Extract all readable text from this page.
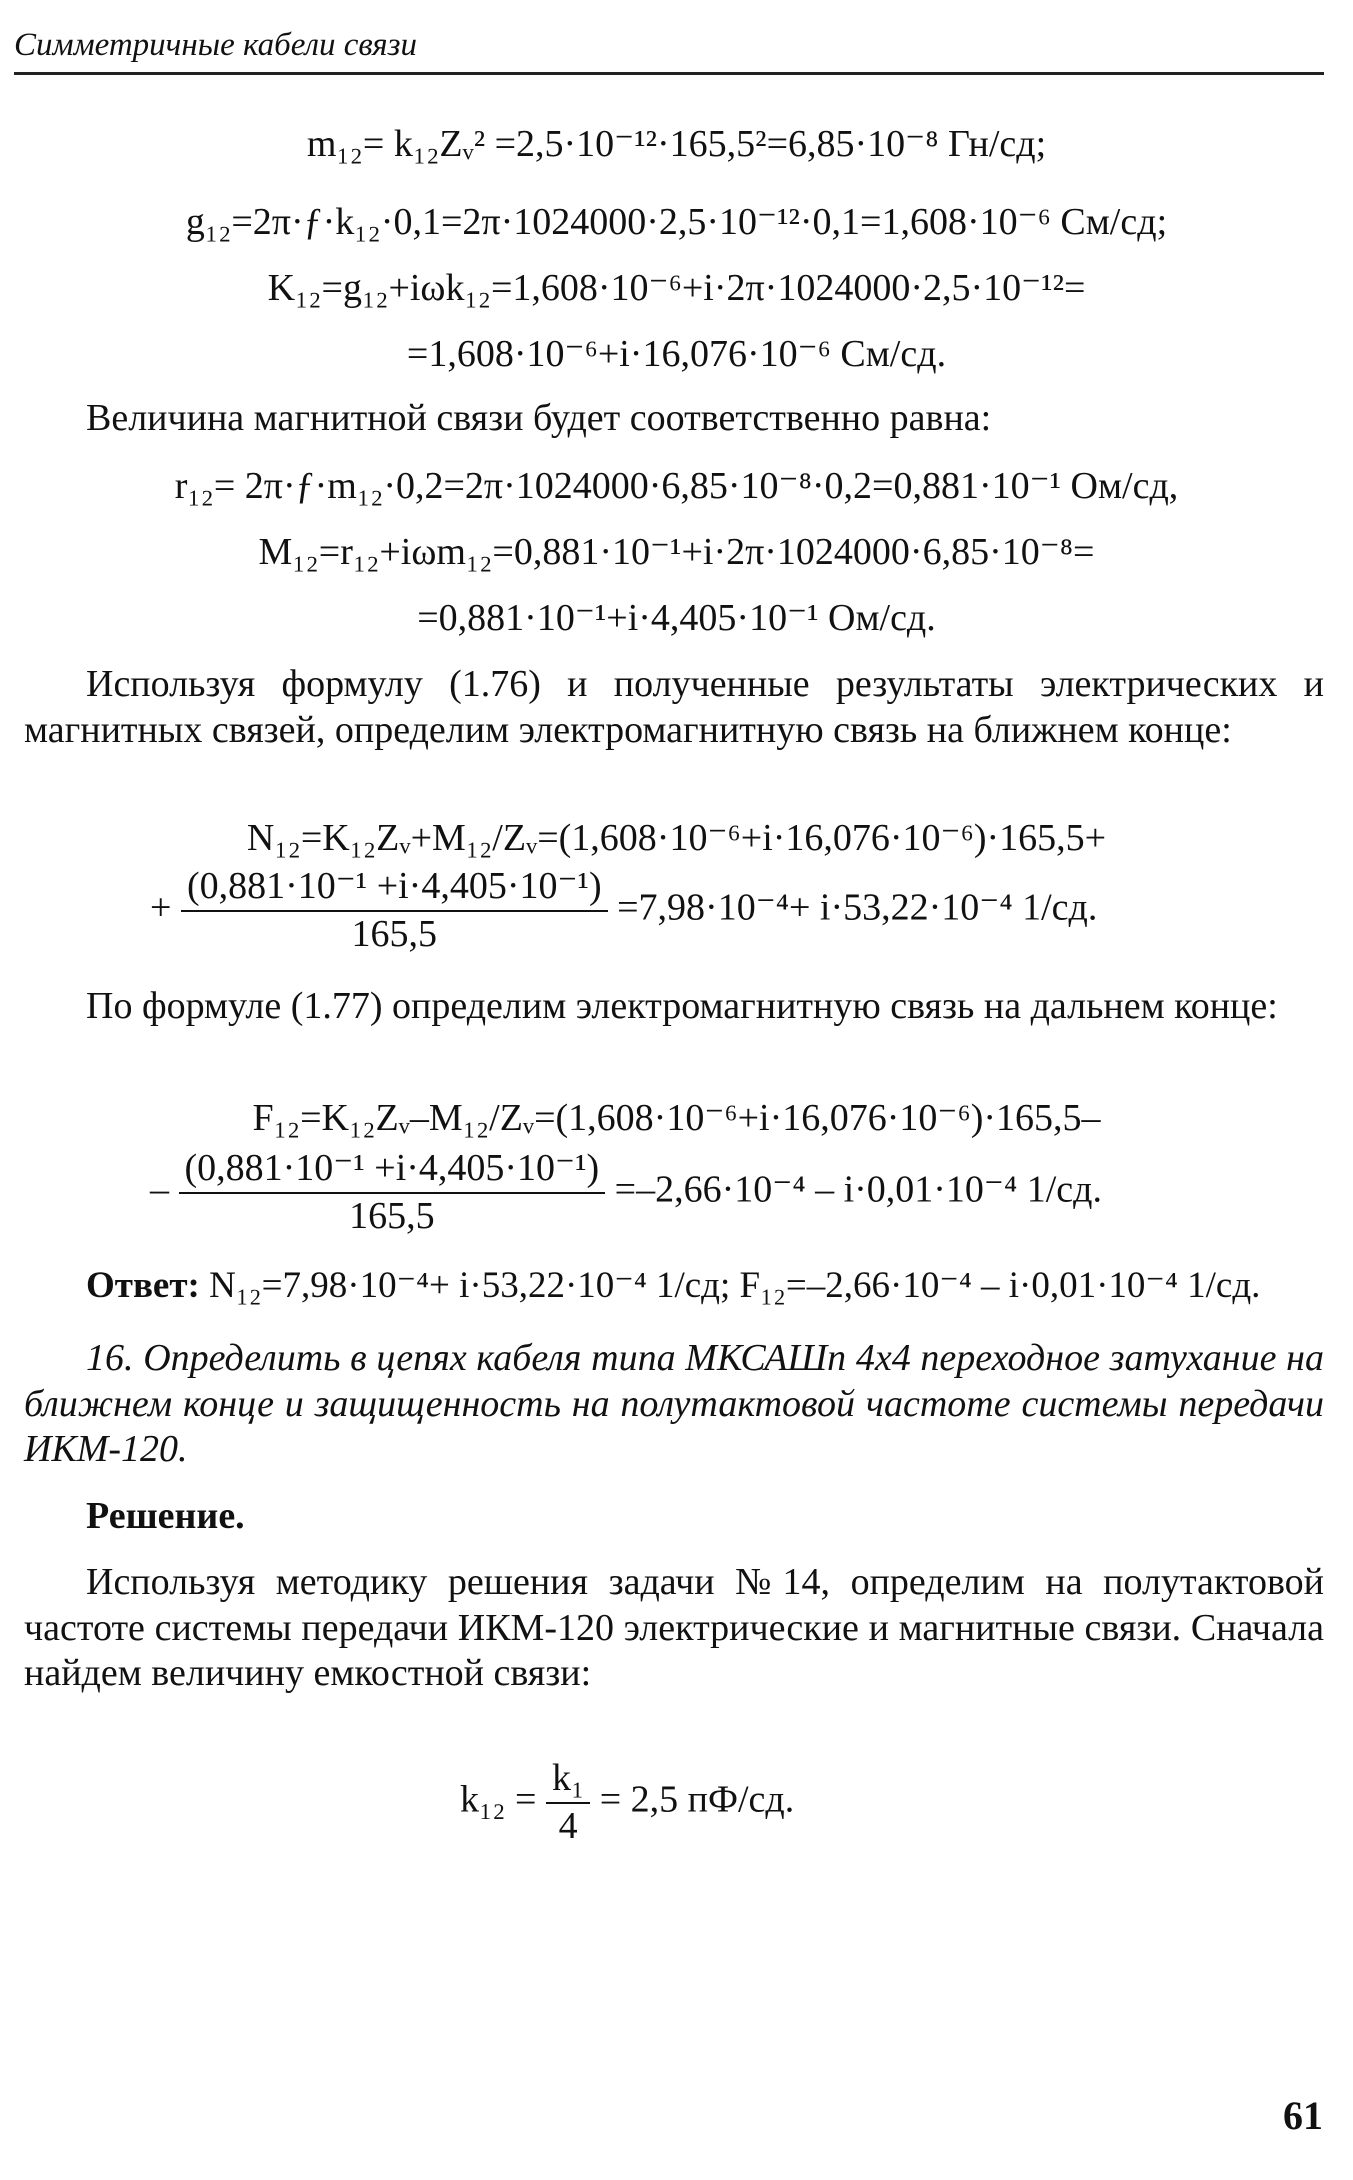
Симметричные кабели связи
m₁₂= k₁₂Zᵥ² =2,5·10⁻¹²·165,5²=6,85·10⁻⁸ Гн/сд;
g₁₂=2π·ƒ·k₁₂·0,1=2π·1024000·2,5·10⁻¹²·0,1=1,608·10⁻⁶ См/сд;
K₁₂=g₁₂+iωk₁₂=1,608·10⁻⁶+i·2π·1024000·2,5·10⁻¹²=
=1,608·10⁻⁶+i·16,076·10⁻⁶ См/сд.
Величина магнитной связи будет соответственно равна:
r₁₂= 2π·ƒ·m₁₂·0,2=2π·1024000·6,85·10⁻⁸·0,2=0,881·10⁻¹ Ом/сд,
M₁₂=r₁₂+iωm₁₂=0,881·10⁻¹+i·2π·1024000·6,85·10⁻⁸=
=0,881·10⁻¹+i·4,405·10⁻¹ Ом/сд.
Используя формулу (1.76) и полученные результаты электрических и магнитных связей, определим электромагнитную связь на ближнем конце:
N₁₂=K₁₂Zᵥ+M₁₂/Zᵥ=(1,608·10⁻⁶+i·16,076·10⁻⁶)·165,5+
+ $\frac{\text{(0,881·10⁻¹ +i·4,405·10⁻¹)}}{165,5} =7,98\cdot 10^{-4}+ i\cdot 53,22\cdot 10^{-4}$ 1/сд.
По формуле (1.77) определим электромагнитную связь на дальнем конце:
F₁₂=K₁₂Zᵥ–M₁₂/Zᵥ=(1,608·10⁻⁶+i·16,076·10⁻⁶)·165,5–
– $\frac{\text{(0,881·10⁻¹ +i·4,405·10⁻¹)}}{165,5} =-2,66\cdot 10^{-4} - i\cdot 0,01\cdot 10^{-4}$ 1/сд.
Ответ: N₁₂=7,98·10⁻⁴+ i·53,22·10⁻⁴ 1/сд; F₁₂=–2,66·10⁻⁴ – i·0,01·10⁻⁴ 1/сд.
16. Определить в цепях кабеля типа МКСАШп 4х4 переходное затухание на ближнем конце и защищенность на полутактовой частоте системы передачи ИКМ-120.
Решение.
Используя методику решения задачи №14, определим на полутактовой частоте системы передачи ИКМ-120 электрические и магнитные связи. Сначала найдем величину емкостной связи:
$k_{12} = \frac{\text{k₁}}{4} = 2,5$ пФ/сд.
61
